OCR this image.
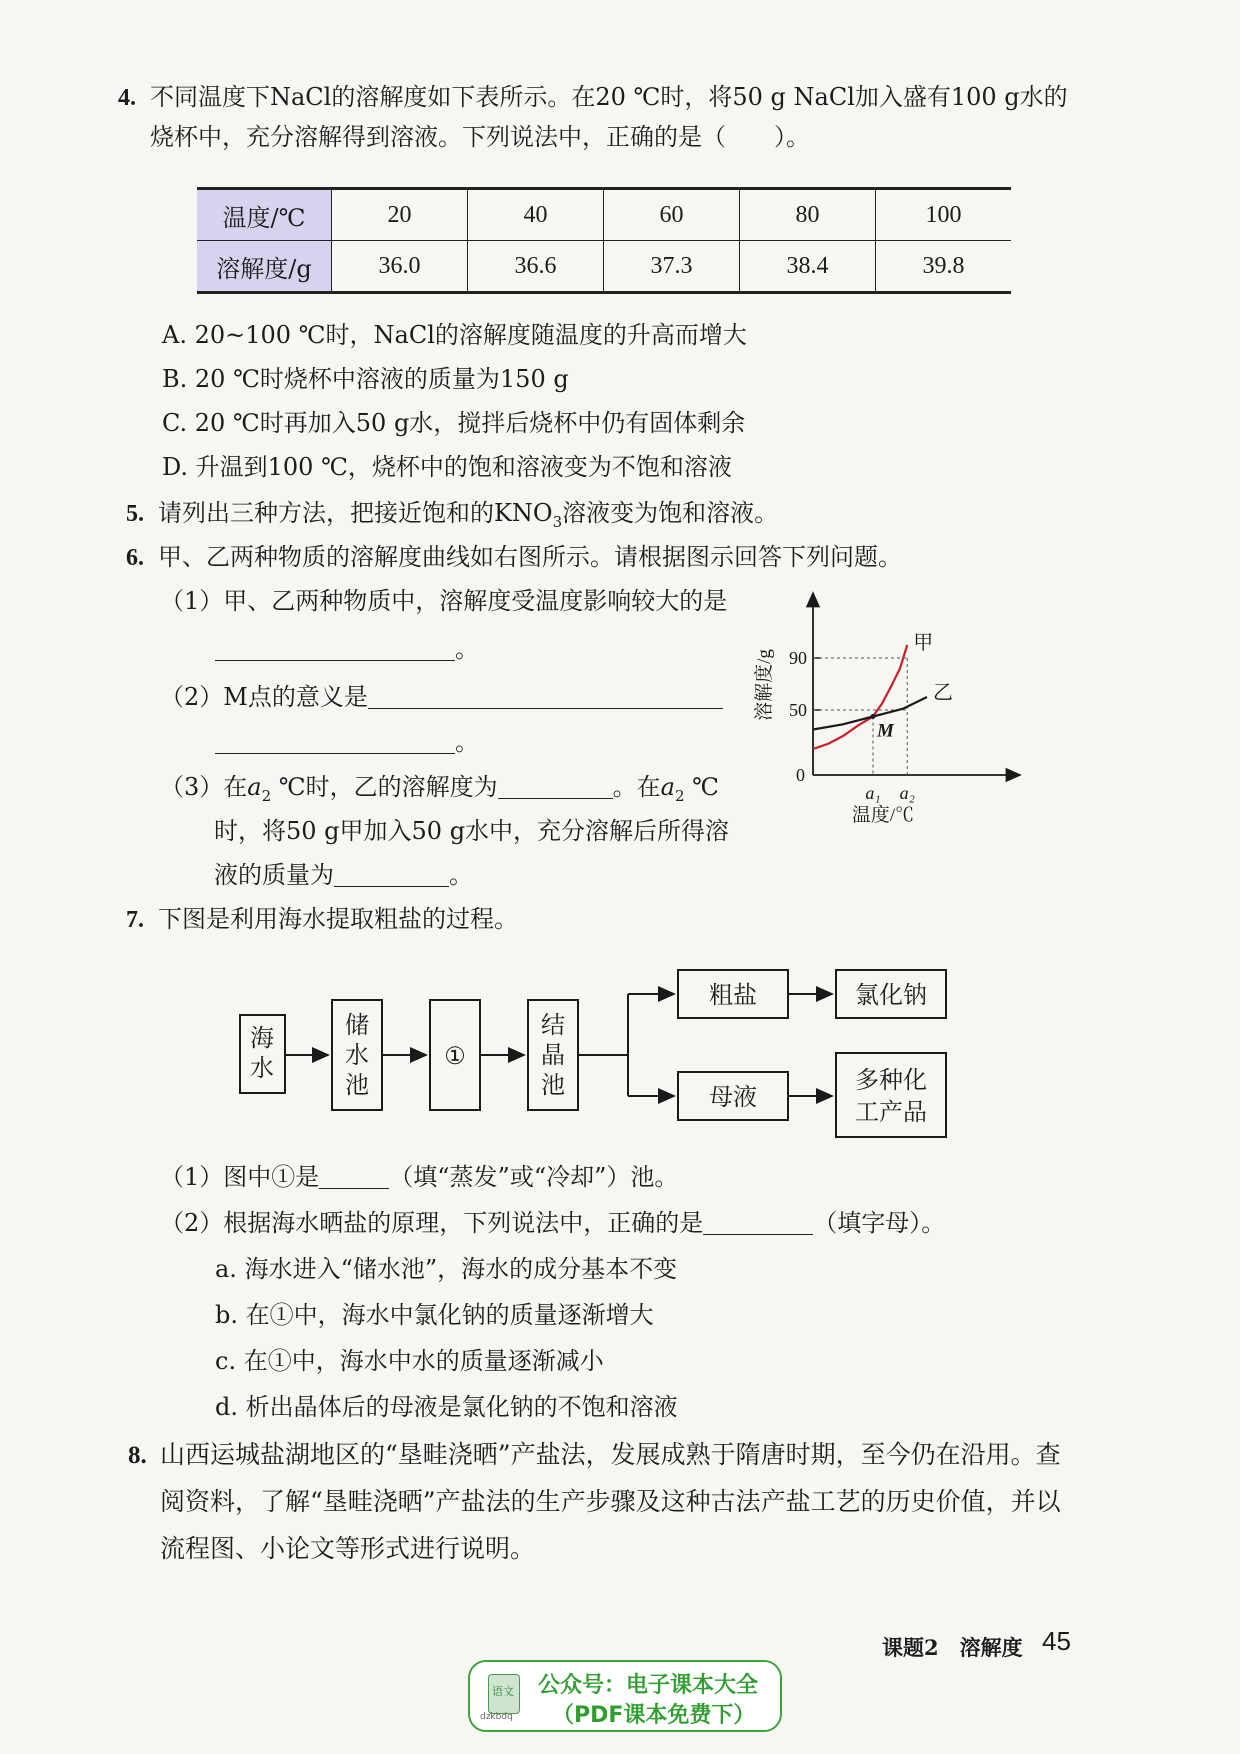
4. 不同温度下NaCl的溶解度如下表所示。在20 ℃时，将50 g NaCl加入盛有100 g水的
烧杯中，充分溶解得到溶液。下列说法中，正确的是（　　）。
温度/℃	20	40	60	80	100
溶解度/g	36.0	36.6	37.3	38.4	39.8
A. 20~100 ℃时，NaCl的溶解度随温度的升高而增大
B. 20 ℃时烧杯中溶液的质量为150 g
C. 20 ℃时再加入50 g水，搅拌后烧杯中仍有固体剩余
D. 升温到100 ℃，烧杯中的饱和溶液变为不饱和溶液
5. 请列出三种方法，把接近饱和的$KNO_3$溶液变为饱和溶液。
6. 甲、乙两种物质的溶解度曲线如右图所示。请根据图示回答下列问题。
（1）甲、乙两种物质中，溶解度受温度影响较大的是
。
（2）M点的意义是
。
（3）在$a_2$ ℃时，乙的溶解度为	。在$a_2$ ℃
时，将50 g甲加入50 g水中，充分溶解后所得溶
液的质量为	。
50
90
0
a₁ a₂
甲
乙
M
温度/℃
溶解度/g
7. 下图是利用海水提取粗盐的过程。
海
水
储
水
池
①
结
晶
池
粗盐	氯化钠
母液
多种化
工产品
（1）图中①是	（填“蒸发”或“冷却”）池。
（2）根据海水晒盐的原理，下列说法中，正确的是	（填字母）。
a. 海水进入“储水池”，海水的成分基本不变
b. 在①中，海水中氯化钠的质量逐渐增大
c. 在①中，海水中水的质量逐渐减小
d. 析出晶体后的母液是氯化钠的不饱和溶液
8. 山西运城盐湖地区的“垦畦浇晒”产盐法，发展成熟于隋唐时期，至今仍在沿用。查
阅资料，了解“垦畦浇晒”产盐法的生产步骤及这种古法产盐工艺的历史价值，并以
流程图、小论文等形式进行说明。
课题2　溶解度 45
语文
dzkbdq
公众号：电子课本大全
（PDF课本免费下）
